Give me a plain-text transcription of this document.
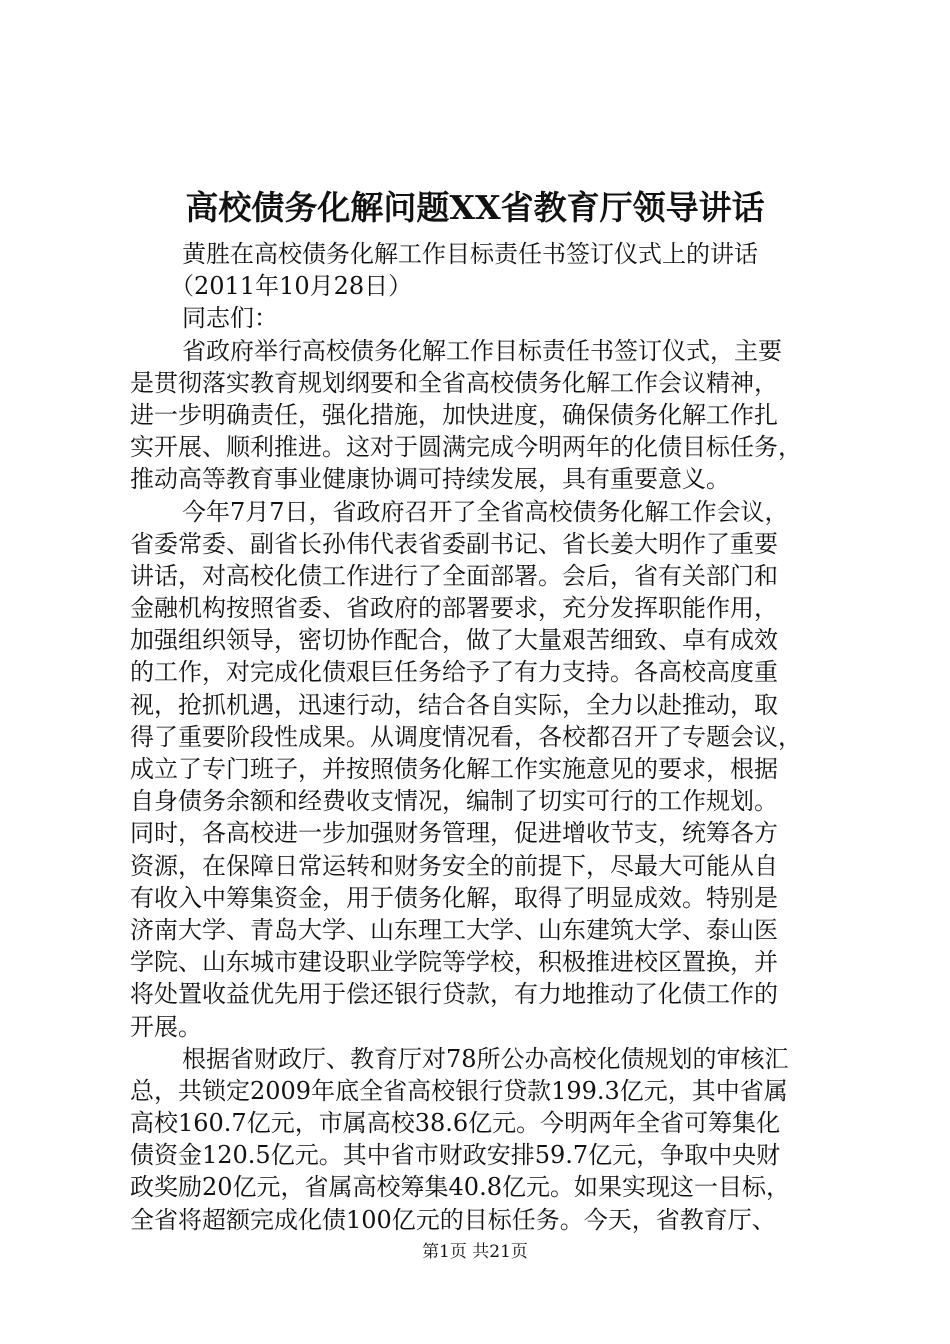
高校债务化解问题XX省教育厅领导讲话
黄胜在高校债务化解工作目标责任书签订仪式上的讲话
（2011年10月28日）
同志们：
省政府举行高校债务化解工作目标责任书签订仪式，主要
是贯彻落实教育规划纲要和全省高校债务化解工作会议精神，
进一步明确责任，强化措施，加快进度，确保债务化解工作扎
实开展、顺利推进。这对于圆满完成今明两年的化债目标任务，
推动高等教育事业健康协调可持续发展，具有重要意义。
今年7月7日，省政府召开了全省高校债务化解工作会议，
省委常委、副省长孙伟代表省委副书记、省长姜大明作了重要
讲话，对高校化债工作进行了全面部署。会后，省有关部门和
金融机构按照省委、省政府的部署要求，充分发挥职能作用，
加强组织领导，密切协作配合，做了大量艰苦细致、卓有成效
的工作，对完成化债艰巨任务给予了有力支持。各高校高度重
视，抢抓机遇，迅速行动，结合各自实际，全力以赴推动，取
得了重要阶段性成果。从调度情况看，各校都召开了专题会议，
成立了专门班子，并按照债务化解工作实施意见的要求，根据
自身债务余额和经费收支情况，编制了切实可行的工作规划。
同时，各高校进一步加强财务管理，促进增收节支，统筹各方
资源，在保障日常运转和财务安全的前提下，尽最大可能从自
有收入中筹集资金，用于债务化解，取得了明显成效。特别是
济南大学、青岛大学、山东理工大学、山东建筑大学、泰山医
学院、山东城市建设职业学院等学校，积极推进校区置换，并
将处置收益优先用于偿还银行贷款，有力地推动了化债工作的
开展。
根据省财政厅、教育厅对78所公办高校化债规划的审核汇
总，共锁定2009年底全省高校银行贷款199.3亿元，其中省属
高校160.7亿元，市属高校38.6亿元。今明两年全省可筹集化
债资金120.5亿元。其中省市财政安排59.7亿元，争取中央财
政奖励20亿元，省属高校筹集40.8亿元。如果实现这一目标，
全省将超额完成化债100亿元的目标任务。今天，省教育厅、
第1页 共21页
